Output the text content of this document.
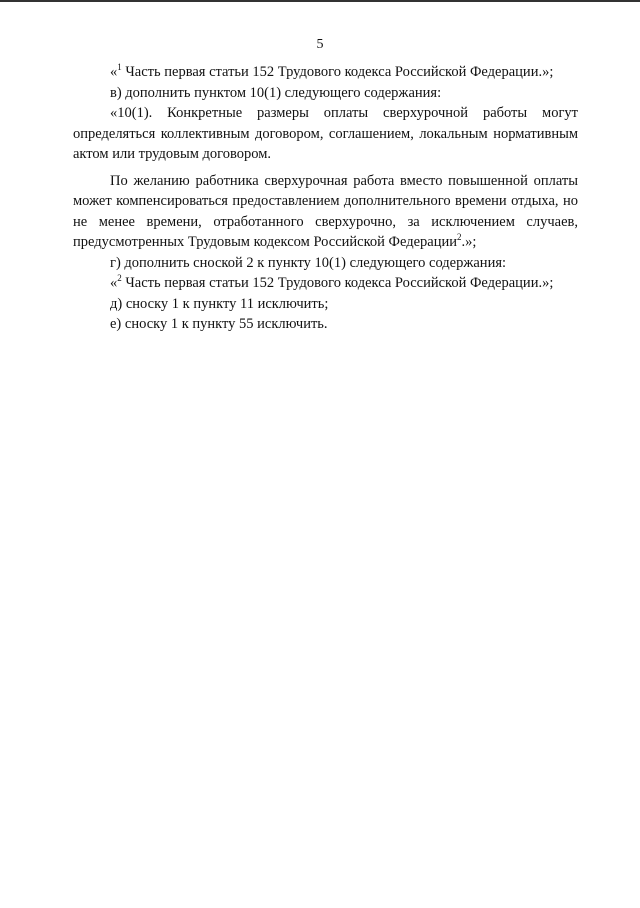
5

«$^1$ Часть первая статьи 152 Трудового кодекса Российской Федерации.»;

в) дополнить пунктом 10(1) следующего содержания:

«10(1). Конкретные размеры оплаты сверхурочной работы могут определяться коллективным договором, соглашением, локальным нормативным актом или трудовым договором.

По желанию работника сверхурочная работа вместо повышенной оплаты может компенсироваться предоставлением дополнительного времени отдыха, но не менее времени, отработанного сверхурочно, за исключением случаев, предусмотренных Трудовым кодексом Российской Федерации$^2$.»;

г) дополнить сноской 2 к пункту 10(1) следующего содержания:

«$^2$ Часть первая статьи 152 Трудового кодекса Российской Федерации.»;

д) сноску 1 к пункту 11 исключить;

е) сноску 1 к пункту 55 исключить.
